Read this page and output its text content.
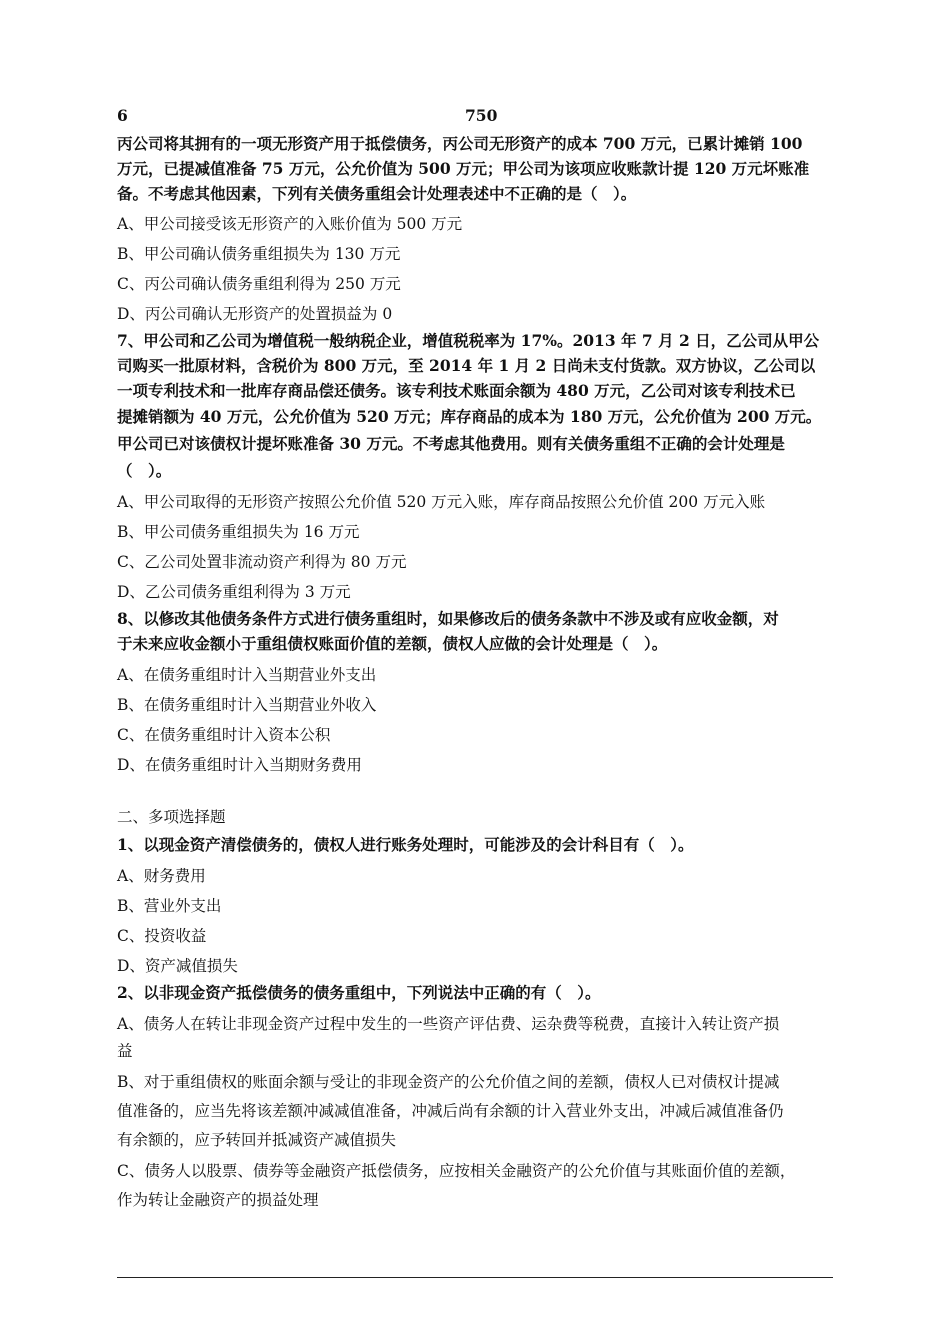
6	750
丙公司将其拥有的一项无形资产用于抵偿债务，丙公司无形资产的成本 700 万元，已累计摊销 100
万元，已提减值准备 75 万元，公允价值为 500 万元；甲公司为该项应收账款计提 120 万元坏账准
备。不考虑其他因素，下列有关债务重组会计处理表述中不正确的是（　）。
A、甲公司接受该无形资产的入账价值为 500 万元
B、甲公司确认债务重组损失为 130 万元
C、丙公司确认债务重组利得为 250 万元
D、丙公司确认无形资产的处置损益为 0
7、甲公司和乙公司为增值税一般纳税企业，增值税税率为 17%。2013 年 7 月 2 日，乙公司从甲公
司购买一批原材料，含税价为 800 万元，至 2014 年 1 月 2 日尚未支付货款。双方协议，乙公司以
一项专利技术和一批库存商品偿还债务。该专利技术账面余额为 480 万元，乙公司对该专利技术已
提摊销额为 40 万元，公允价值为 520 万元；库存商品的成本为 180 万元，公允价值为 200 万元。
甲公司已对该债权计提坏账准备 30 万元。不考虑其他费用。则有关债务重组不正确的会计处理是
（　）。
A、甲公司取得的无形资产按照公允价值 520 万元入账，库存商品按照公允价值 200 万元入账
B、甲公司债务重组损失为 16 万元
C、乙公司处置非流动资产利得为 80 万元
D、乙公司债务重组利得为 3 万元
8、以修改其他债务条件方式进行债务重组时，如果修改后的债务条款中不涉及或有应收金额，对
于未来应收金额小于重组债权账面价值的差额，债权人应做的会计处理是（　）。
A、在债务重组时计入当期营业外支出
B、在债务重组时计入当期营业外收入
C、在债务重组时计入资本公积
D、在债务重组时计入当期财务费用
二、多项选择题
1、以现金资产清偿债务的，债权人进行账务处理时，可能涉及的会计科目有（　）。
A、财务费用
B、营业外支出
C、投资收益
D、资产减值损失
2、以非现金资产抵偿债务的债务重组中，下列说法中正确的有（　）。
A、债务人在转让非现金资产过程中发生的一些资产评估费、运杂费等税费，直接计入转让资产损
益
B、对于重组债权的账面余额与受让的非现金资产的公允价值之间的差额，债权人已对债权计提减
值准备的，应当先将该差额冲减减值准备，冲减后尚有余额的计入营业外支出，冲减后减值准备仍
有余额的，应予转回并抵减资产减值损失
C、债务人以股票、债券等金融资产抵偿债务，应按相关金融资产的公允价值与其账面价值的差额，
作为转让金融资产的损益处理
